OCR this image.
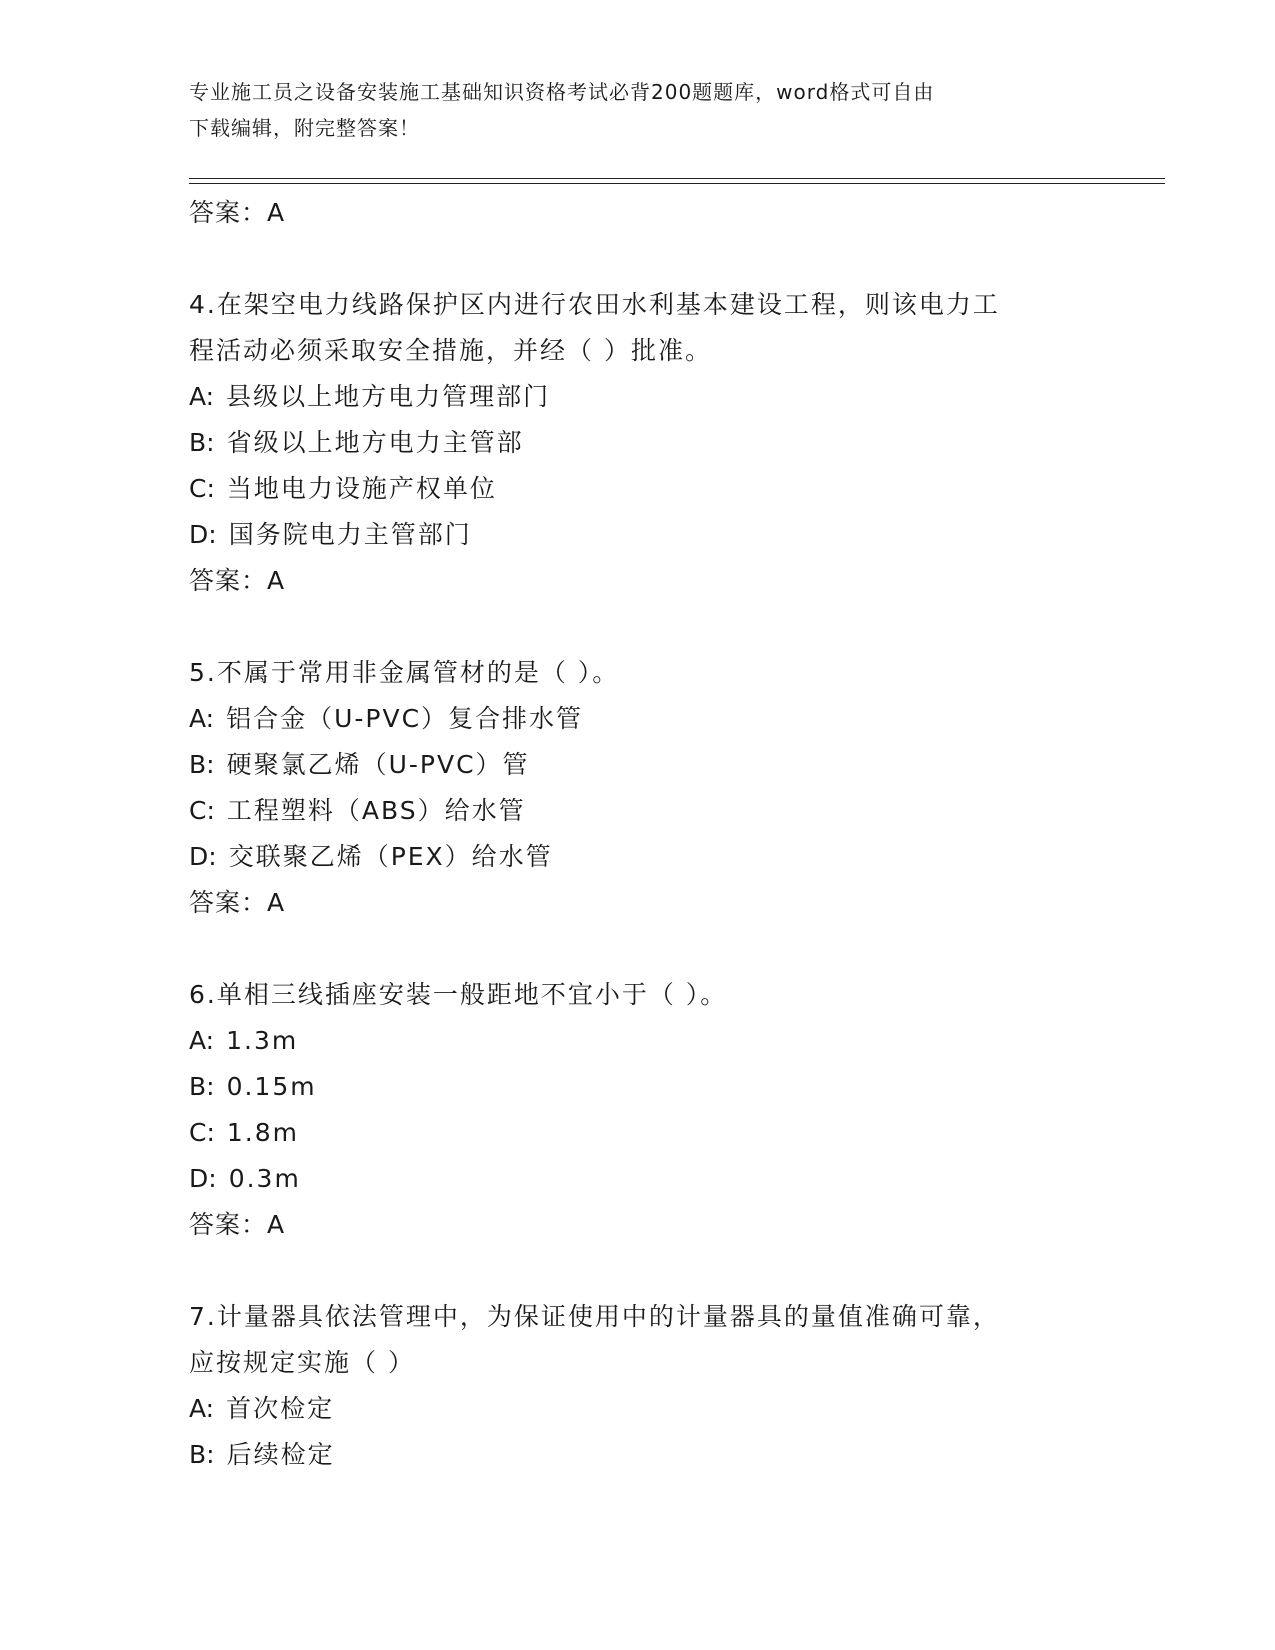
专业施工员之设备安装施工基础知识资格考试必背200题题库，word格式可自由
下载编辑，附完整答案！
答案：A
4.在架空电力线路保护区内进行农田水利基本建设工程，则该电力工
程活动必须采取安全措施，并经（ ）批准。
A: 县级以上地方电力管理部门
B: 省级以上地方电力主管部
C: 当地电力设施产权单位
D: 国务院电力主管部门
答案：A
5.不属于常用非金属管材的是（ ）。
A: 铝合金（U-PVC）复合排水管
B: 硬聚氯乙烯（U-PVC）管
C: 工程塑料（ABS）给水管
D: 交联聚乙烯（PEX）给水管
答案：A
6.单相三线插座安装一般距地不宜小于（ ）。
A: 1.3m
B: 0.15m
C: 1.8m
D: 0.3m
答案：A
7.计量器具依法管理中，为保证使用中的计量器具的量值准确可靠，
应按规定实施（ ）
A: 首次检定
B: 后续检定
